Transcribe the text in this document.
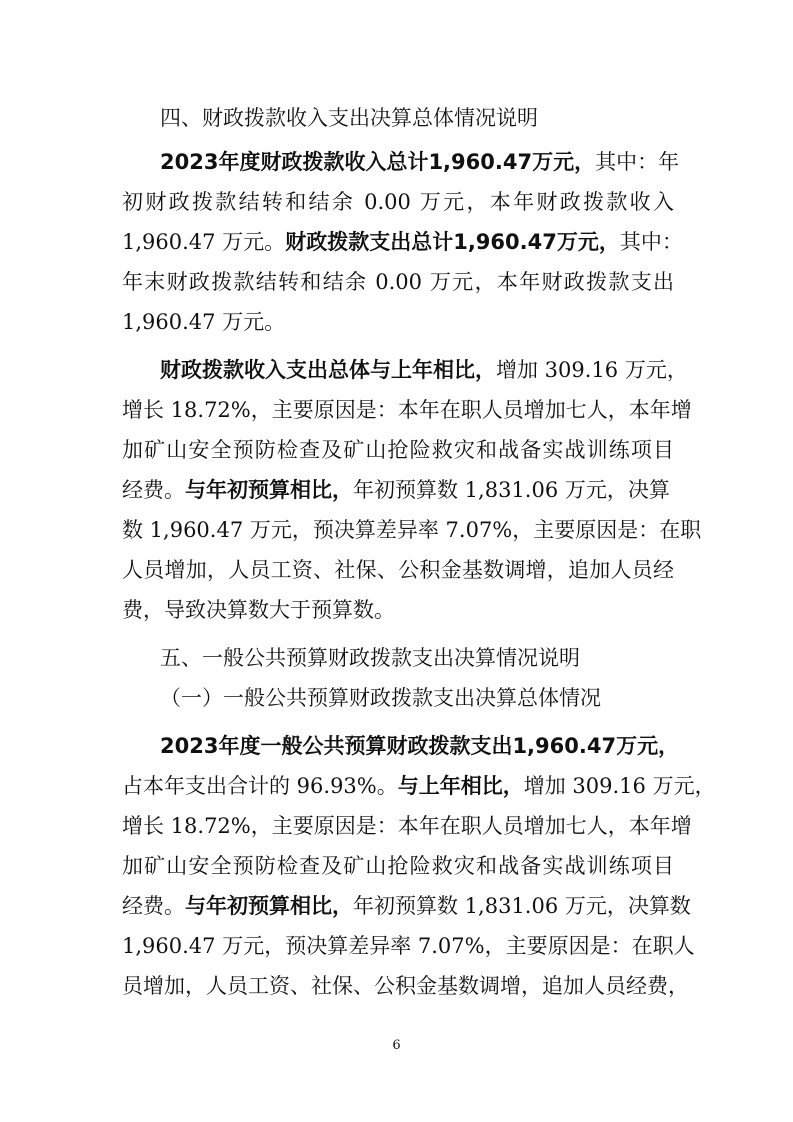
四、财政拨款收入支出决算总体情况说明
2023年度财政拨款收入总计1,960.47万元，其中：年
初财政拨款结转和结余 0.00 万元，本年财政拨款收入
1,960.47 万元。财政拨款支出总计1,960.47万元，其中：
年末财政拨款结转和结余 0.00 万元，本年财政拨款支出
1,960.47 万元。
财政拨款收入支出总体与上年相比，增加 309.16 万元，
增长 18.72%，主要原因是：本年在职人员增加七人，本年增
加矿山安全预防检查及矿山抢险救灾和战备实战训练项目
经费。与年初预算相比，年初预算数 1,831.06 万元，决算
数 1,960.47 万元，预决算差异率 7.07%，主要原因是：在职
人员增加，人员工资、社保、公积金基数调增，追加人员经
费，导致决算数大于预算数。
五、一般公共预算财政拨款支出决算情况说明
（一）一般公共预算财政拨款支出决算总体情况
2023年度一般公共预算财政拨款支出1,960.47万元，
占本年支出合计的 96.93%。与上年相比，增加 309.16 万元，
增长 18.72%，主要原因是：本年在职人员增加七人，本年增
加矿山安全预防检查及矿山抢险救灾和战备实战训练项目
经费。与年初预算相比，年初预算数 1,831.06 万元，决算数
1,960.47 万元，预决算差异率 7.07%，主要原因是：在职人
员增加，人员工资、社保、公积金基数调增，追加人员经费，
6
